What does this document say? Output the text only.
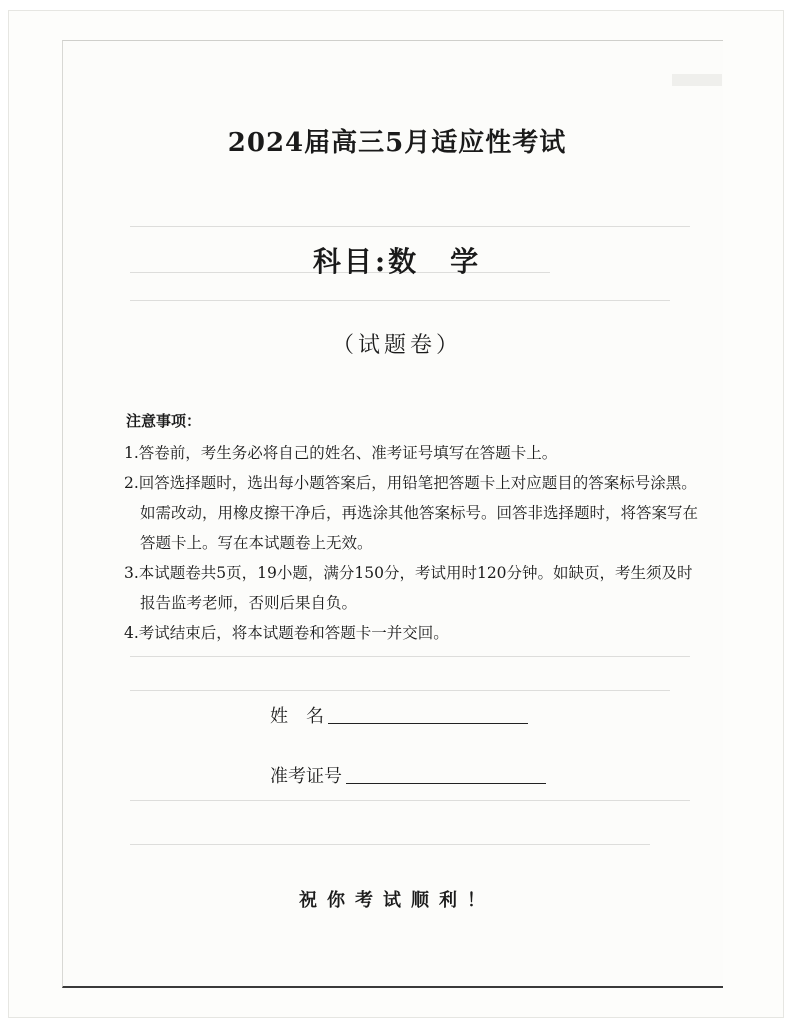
2024届高三5月适应性考试
科目:数　学
（试题卷）
注意事项：

1.答卷前，考生务必将自己的姓名、准考证号填写在答题卡上。

2.回答选择题时，选出每小题答案后，用铅笔把答题卡上对应题目的答案标号涂黑。如需改动，用橡皮擦干净后，再选涂其他答案标号。回答非选择题时，将答案写在答题卡上。写在本试题卷上无效。

3.本试题卷共5页，19小题，满分150分，考试用时120分钟。如缺页，考生须及时报告监考老师，否则后果自负。

4.考试结束后，将本试题卷和答题卡一并交回。

姓　名
准考证号
祝你考试顺利！
